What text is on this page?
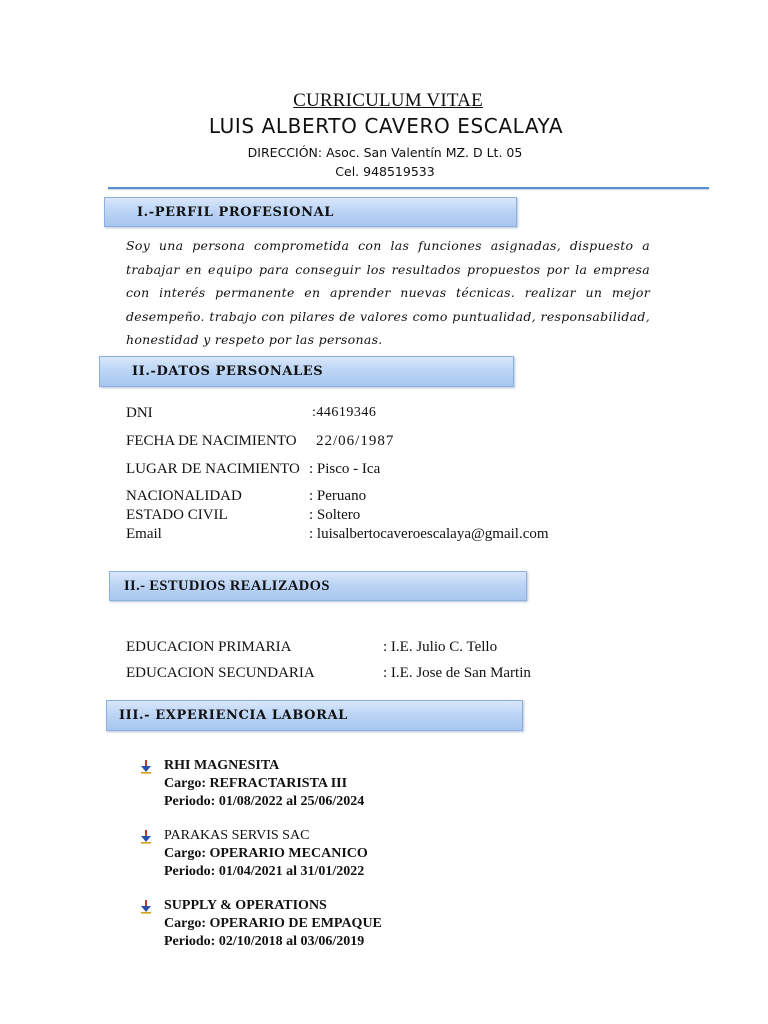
CURRICULUM VITAE
LUIS ALBERTO CAVERO ESCALAYA
DIRECCIÓN: Asoc. San Valentín MZ. D Lt. 05
Cel. 948519533
I.-PERFIL PROFESIONAL
Soy una persona comprometida con las funciones asignadas, dispuesto a trabajar en equipo para conseguir los resultados propuestos por la empresa con interés permanente en aprender nuevas técnicas. realizar un mejor desempeño. trabajo con pilares de valores como puntualidad, responsabilidad, honestidad y respeto por las personas.
II.-DATOS PERSONALES
DNI	:44619346
FECHA DE NACIMIENTO 22/06/1987
LUGAR DE NACIMIENTO : Pisco - Ica
NACIONALIDAD	: Peruano
ESTADO CIVIL	: Soltero
Email	: luisalbertocaveroescalaya@gmail.com
II.- ESTUDIOS REALIZADOS
EDUCACION PRIMARIA	: I.E. Julio C. Tello
EDUCACION SECUNDARIA	: I.E. Jose de San Martin
III.- EXPERIENCIA LABORAL
RHI MAGNESITA
Cargo: REFRACTARISTA III
Periodo: 01/08/2022 al 25/06/2024
PARAKAS SERVIS SAC
Cargo: OPERARIO MECANICO
Periodo: 01/04/2021 al 31/01/2022
SUPPLY & OPERATIONS
Cargo: OPERARIO DE EMPAQUE
Periodo: 02/10/2018 al 03/06/2019
